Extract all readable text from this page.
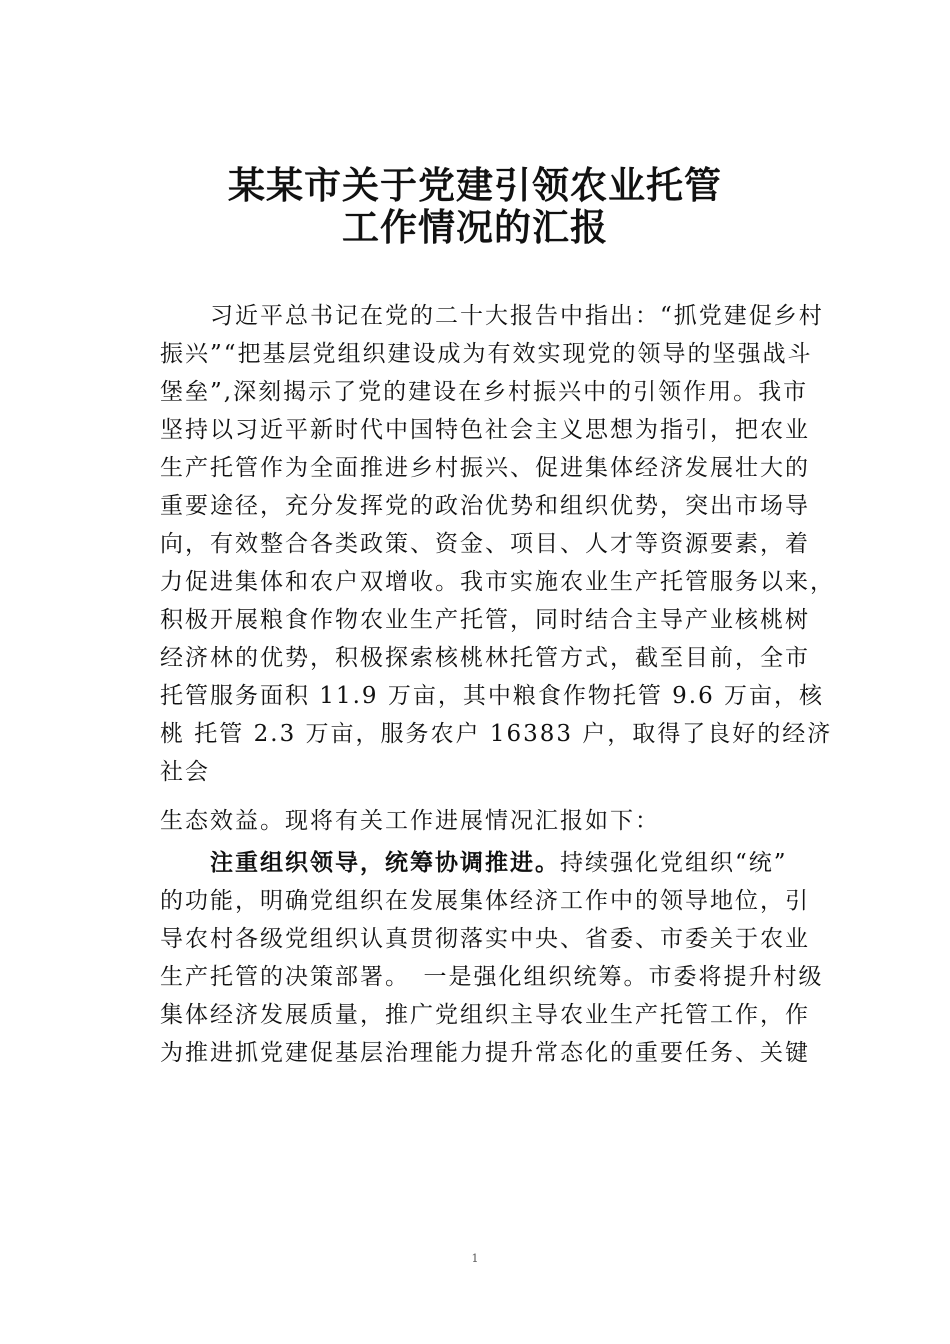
某某市关于党建引领农业托管
工作情况的汇报
　　习近平总书记在党的二十大报告中指出：“抓党建促乡村
振兴”“把基层党组织建设成为有效实现党的领导的坚强战斗
堡垒”,深刻揭示了党的建设在乡村振兴中的引领作用。我市
坚持以习近平新时代中国特色社会主义思想为指引，把农业
生产托管作为全面推进乡村振兴、促进集体经济发展壮大的
重要途径，充分发挥党的政治优势和组织优势，突出市场导
向，有效整合各类政策、资金、项目、人才等资源要素，着
力促进集体和农户双增收。我市实施农业生产托管服务以来，
积极开展粮食作物农业生产托管，同时结合主导产业核桃树
经济林的优势，积极探索核桃林托管方式，截至目前，全市
托管服务面积 11.9 万亩，其中粮食作物托管 9.6 万亩，核
桃 托管 2.3 万亩，服务农户 16383 户，取得了良好的经济
社会
生态效益。现将有关工作进展情况汇报如下：
注重组织领导，统筹协调推进。持续强化党组织“统”
的功能，明确党组织在发展集体经济工作中的领导地位，引
导农村各级党组织认真贯彻落实中央、省委、市委关于农业
生产托管的决策部署。　一是强化组织统筹。市委将提升村级
集体经济发展质量，推广党组织主导农业生产托管工作，作
为推进抓党建促基层治理能力提升常态化的重要任务、关键
1
